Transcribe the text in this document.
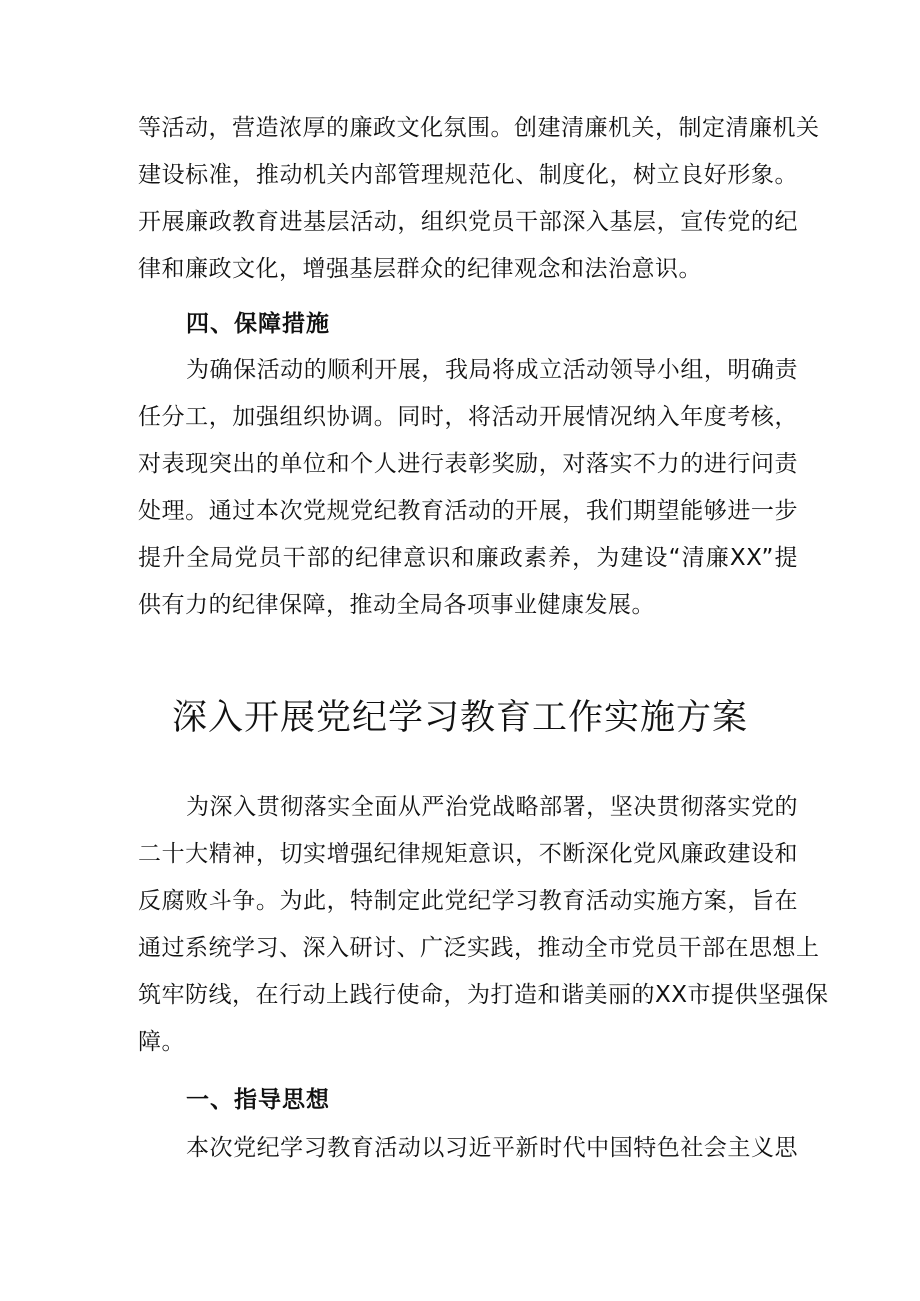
等活动，营造浓厚的廉政文化氛围。创建清廉机关，制定清廉机关
建设标准，推动机关内部管理规范化、制度化，树立良好形象。
开展廉政教育进基层活动，组织党员干部深入基层，宣传党的纪
律和廉政文化，增强基层群众的纪律观念和法治意识。
四、保障措施
为确保活动的顺利开展，我局将成立活动领导小组，明确责
任分工，加强组织协调。同时，将活动开展情况纳入年度考核，
对表现突出的单位和个人进行表彰奖励，对落实不力的进行问责
处理。通过本次党规党纪教育活动的开展，我们期望能够进一步
提升全局党员干部的纪律意识和廉政素养，为建设“清廉XX”提
供有力的纪律保障，推动全局各项事业健康发展。
深入开展党纪学习教育工作实施方案
为深入贯彻落实全面从严治党战略部署，坚决贯彻落实党的
二十大精神，切实增强纪律规矩意识，不断深化党风廉政建设和
反腐败斗争。为此，特制定此党纪学习教育活动实施方案，旨在
通过系统学习、深入研讨、广泛实践，推动全市党员干部在思想上
筑牢防线，在行动上践行使命，为打造和谐美丽的XX市提供坚强保
障。
一、指导思想
本次党纪学习教育活动以习近平新时代中国特色社会主义思
